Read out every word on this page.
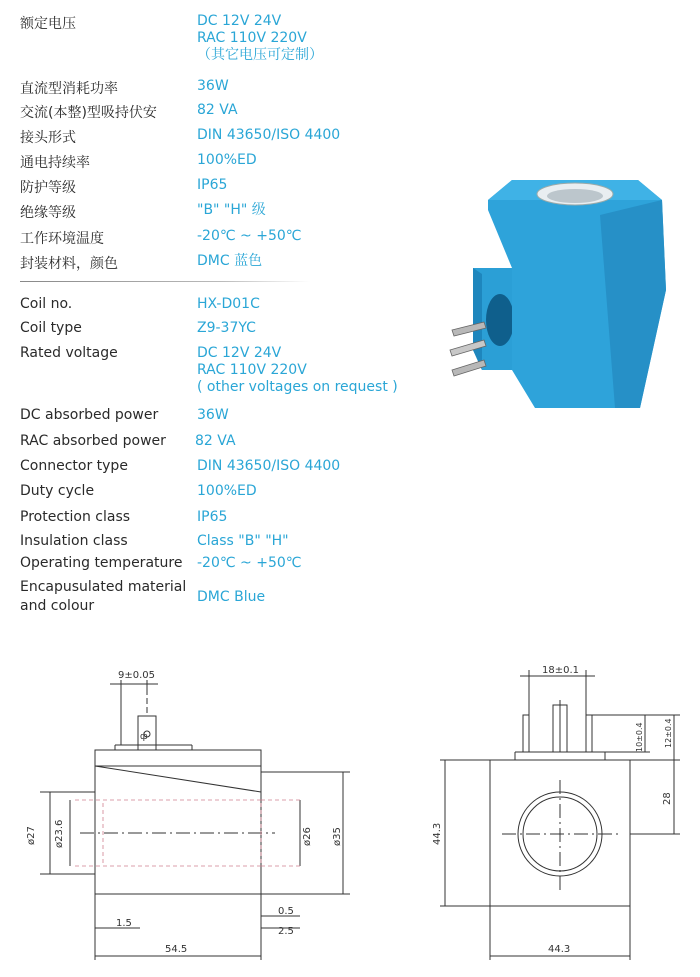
额定电压	DC 12V 24V
RAC 110V 220V
（其它电压可定制）
直流型消耗功率	36W
交流(本整)型吸持伏安	82 VA
接头形式	DIN 43650/ISO 4400
通电持续率	100%ED
防护等级	IP65
绝缘等级	"B" "H" 级
工作环境温度	-20℃ ~ +50℃
封装材料，颜色	DMC 蓝色
Coil no.	HX-D01C
Coil type	Z9-37YC
Rated voltage	DC 12V 24V
RAC 110V 220V
( other voltages on request )
DC absorbed power	36W
RAC absorbed power 82 VA
Connector type	DIN 43650/ISO 4400
Duty cycle	100%ED
Protection class	IP65
Insulation class	Class "B" "H"
Operating temperature -20℃ ~ +50℃
Encapusulated material
and colour
DMC Blue
9±0.05
ф
ø27 ø23.6	ø26 ø35
1.5
0.5
2.5
54.5
18±0.1
10±0.4	12±0.4
28
44.3
44.3
